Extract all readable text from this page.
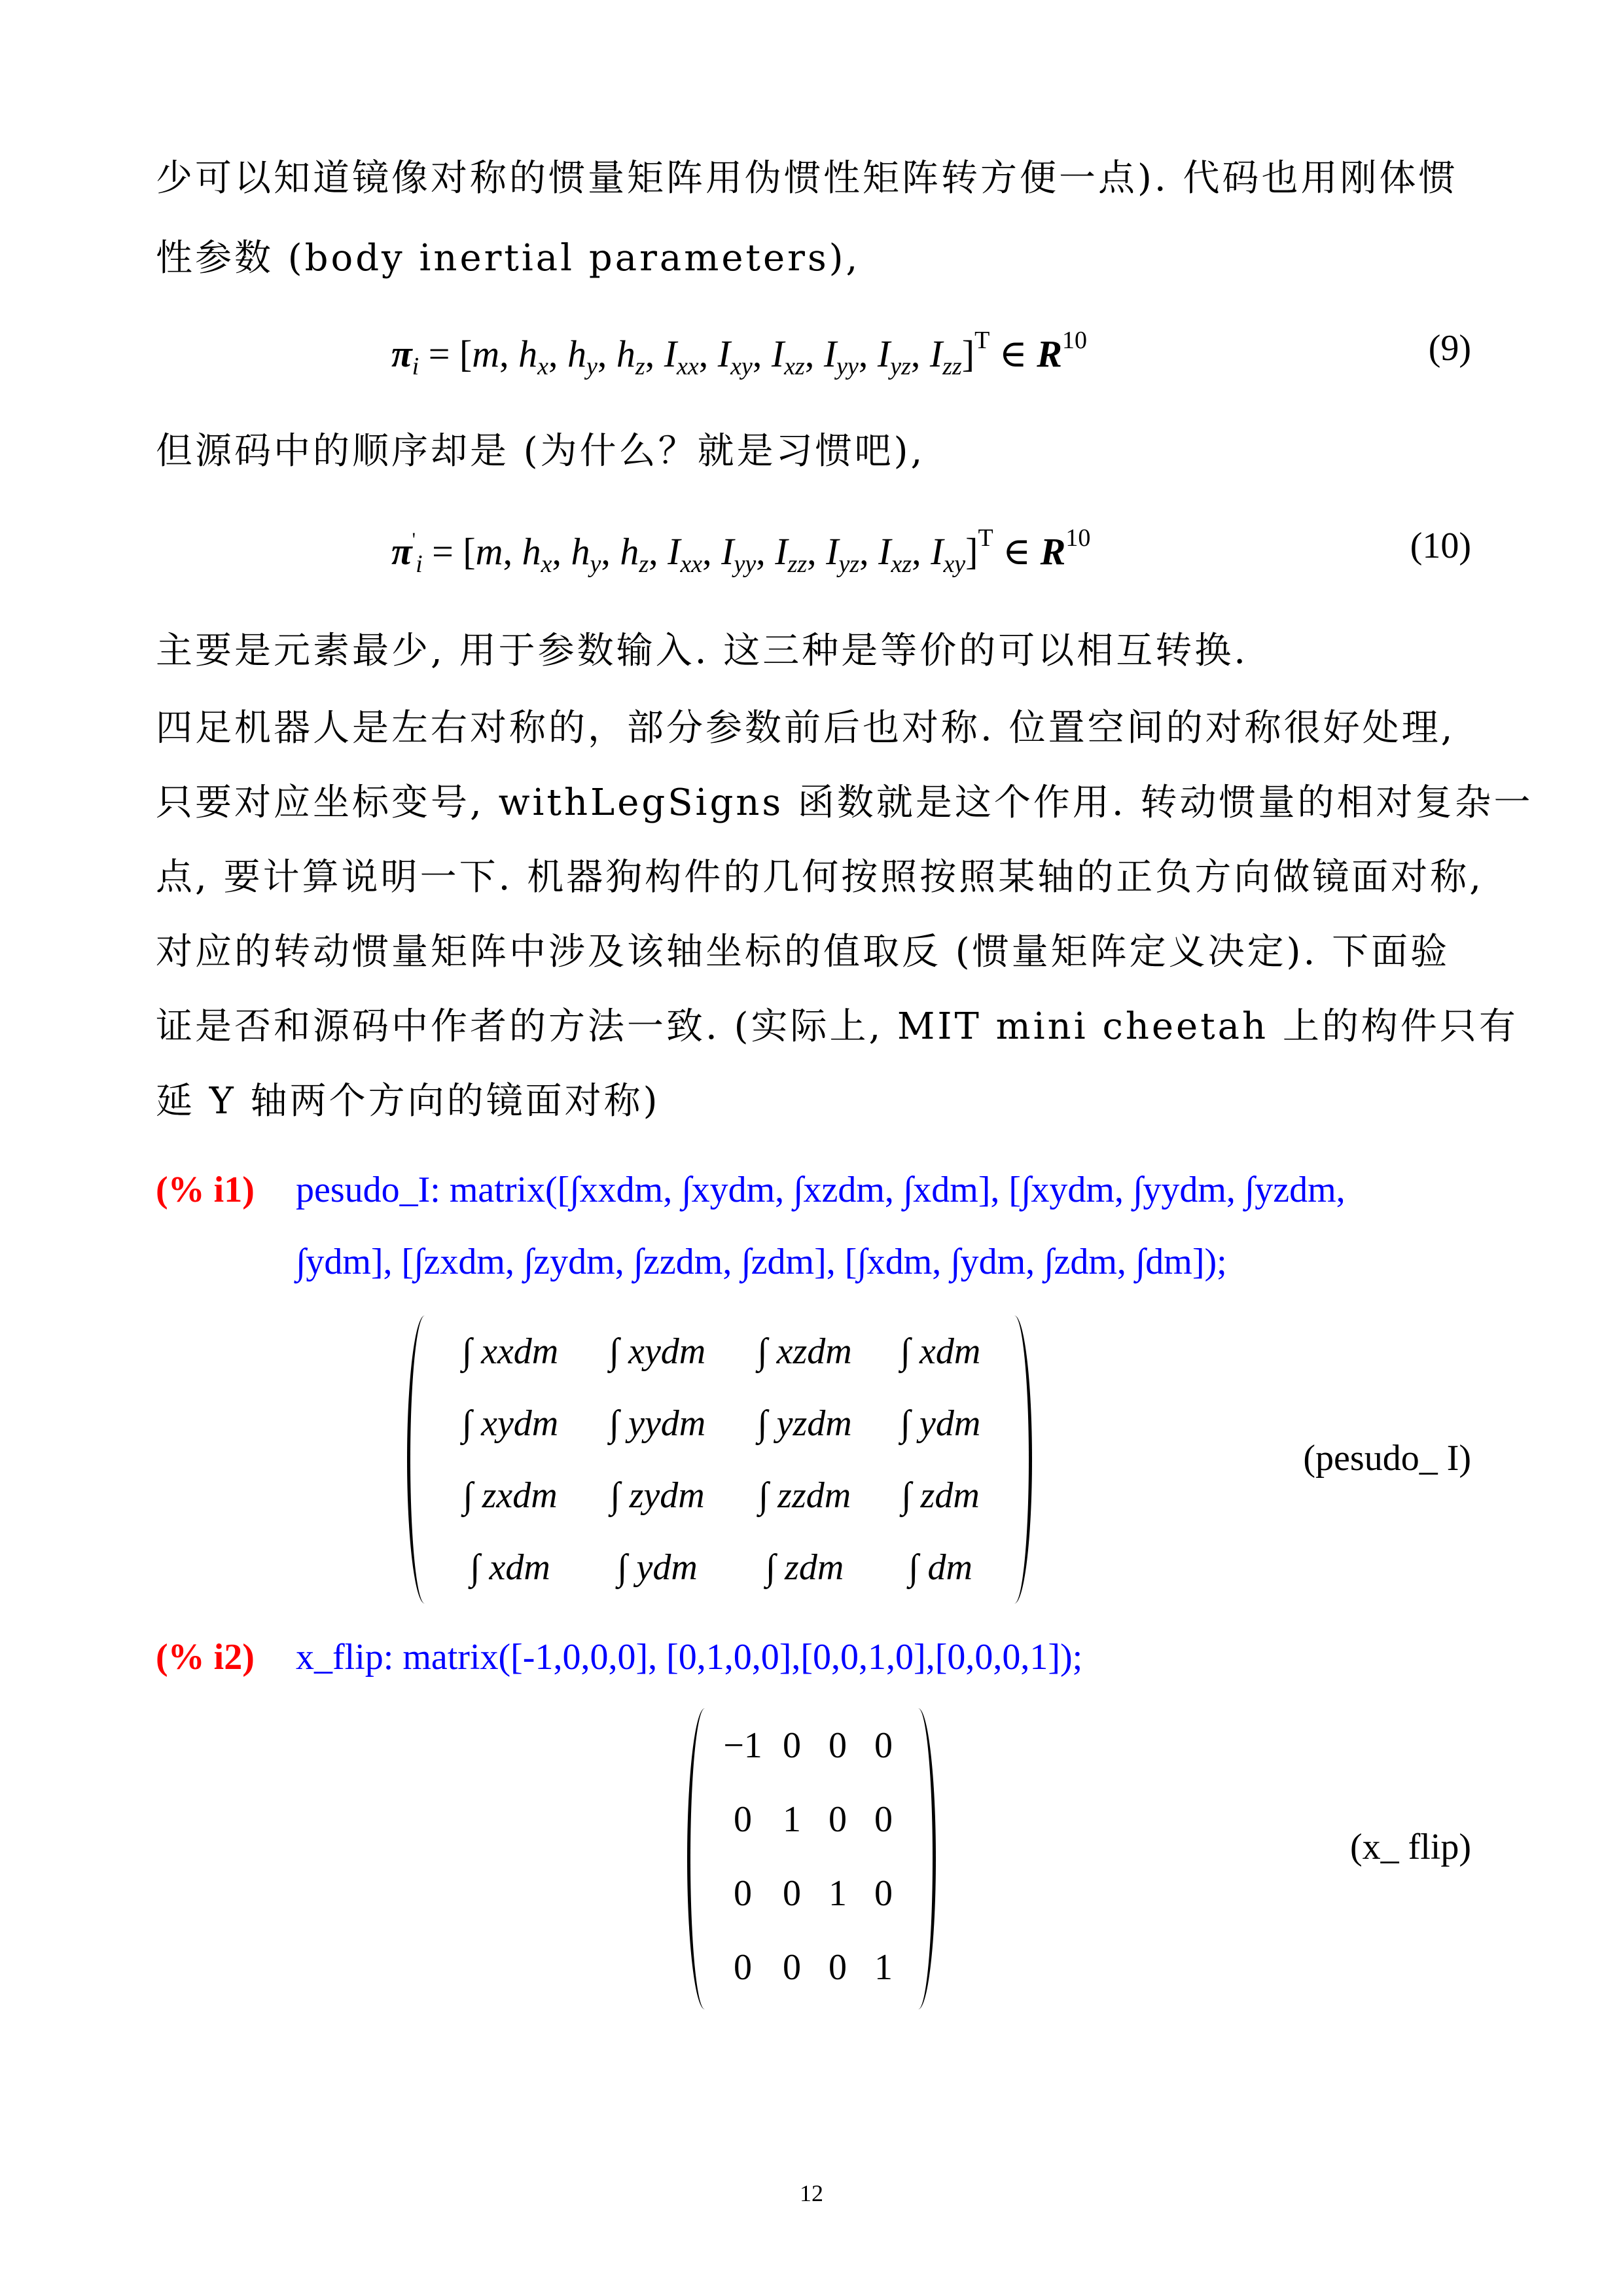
少可以知道镜像对称的惯量矩阵用伪惯性矩阵转方便一点). 代码也用刚体惯
性参数 (body inertial parameters),
$\pi_i = [m$, $h_x$, $h_y$, $h_z$, $I_{xx}$, $I_{xy}$, $I_{xz}$, $I_{yy}$, $I_{yz}$, $I_{zz}]^T$ ∈ $R^{10}$	(9)
但源码中的顺序却是 (为什么？就是习惯吧),
$\pi'_i = [m$, $h_x$, $h_y$, $h_z$, $I_{xx}$, $I_{yy}$, $I_{zz}$, $I_{yz}$, $I_{xz}$, $I_{xy}]^T$ ∈ $R^{10}$	(10)
主要是元素最少, 用于参数输入. 这三种是等价的可以相互转换.
四足机器人是左右对称的，部分参数前后也对称. 位置空间的对称很好处理,
只要对应坐标变号, withLegSigns 函数就是这个作用. 转动惯量的相对复杂一
点, 要计算说明一下. 机器狗构件的几何按照按照某轴的正负方向做镜面对称,
对应的转动惯量矩阵中涉及该轴坐标的值取反 (惯量矩阵定义决定). 下面验
证是否和源码中作者的方法一致. (实际上, MIT mini cheetah 上的构件只有
延 Y 轴两个方向的镜面对称)
(% i1) pesudo_I: matrix([∫xxdm, ∫xydm, ∫xzdm, ∫xdm], [∫xydm, ∫yydm, ∫yzdm,
∫ydm], [∫zxdm, ∫zydm, ∫zzdm, ∫zdm], [∫xdm, ∫ydm, ∫zdm, ∫dm]);
∫ xxdm	∫ xydm	∫ xzdm	∫ xdm
∫ xydm	∫ yydm	∫ yzdm	∫ ydm
∫ zxdm	∫ zydm	∫ zzdm	∫ zdm
∫ xdm	∫ ydm	∫ zdm	∫ dm
(pesudo_ I)
(% i2) x_flip: matrix([-1,0,0,0], [0,1,0,0],[0,0,1,0],[0,0,0,1]);
−1 0 0 0
0 1 0 0
0 0 1 0
0 0 0 1
(x_ flip)
12
